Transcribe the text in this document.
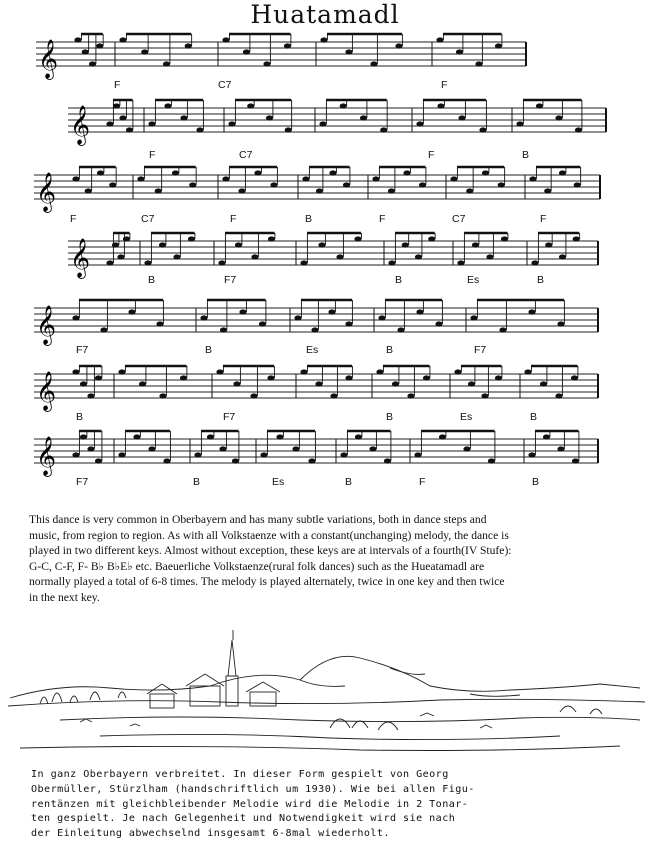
Huatamadl
𝄞
F	C7	F
𝄞
F	C7	F	B
𝄞
F	C7	F	B	F	C7	F
𝄞
B	F7	B	Es	B
𝄞
F7	B	Es	B	F7
𝄞
B	F7	B	Es	B
𝄞
F7	B	Es	B	F	B

This dance is very common in Oberbayern and has many subtle variations, both in dance steps and music, from region to region. As with all Volkstaenze with a constant(unchanging) melody, the dance is played in two different keys. Almost without exception, these keys are at intervals of a fourth(IV Stufe): G-C, C-F, F- B♭ B♭E♭ etc. Baeuerliche Volkstaenze(rural folk dances) such as the Hueatamadl are normally played a total of 6-8 times. The melody is played alternately, twice in one key and then twice in the next key.

In ganz Oberbayern verbreitet. In dieser Form gespielt von Georg

Obermüller, Stürzlham (handschriftlich um 1930). Wie bei allen Figu-

rentänzen mit gleichbleibender Melodie wird die Melodie in 2 Tonar-

ten gespielt. Je nach Gelegenheit und Notwendigkeit wird sie nach

der Einleitung abwechselnd insgesamt 6-8mal wiederholt.
